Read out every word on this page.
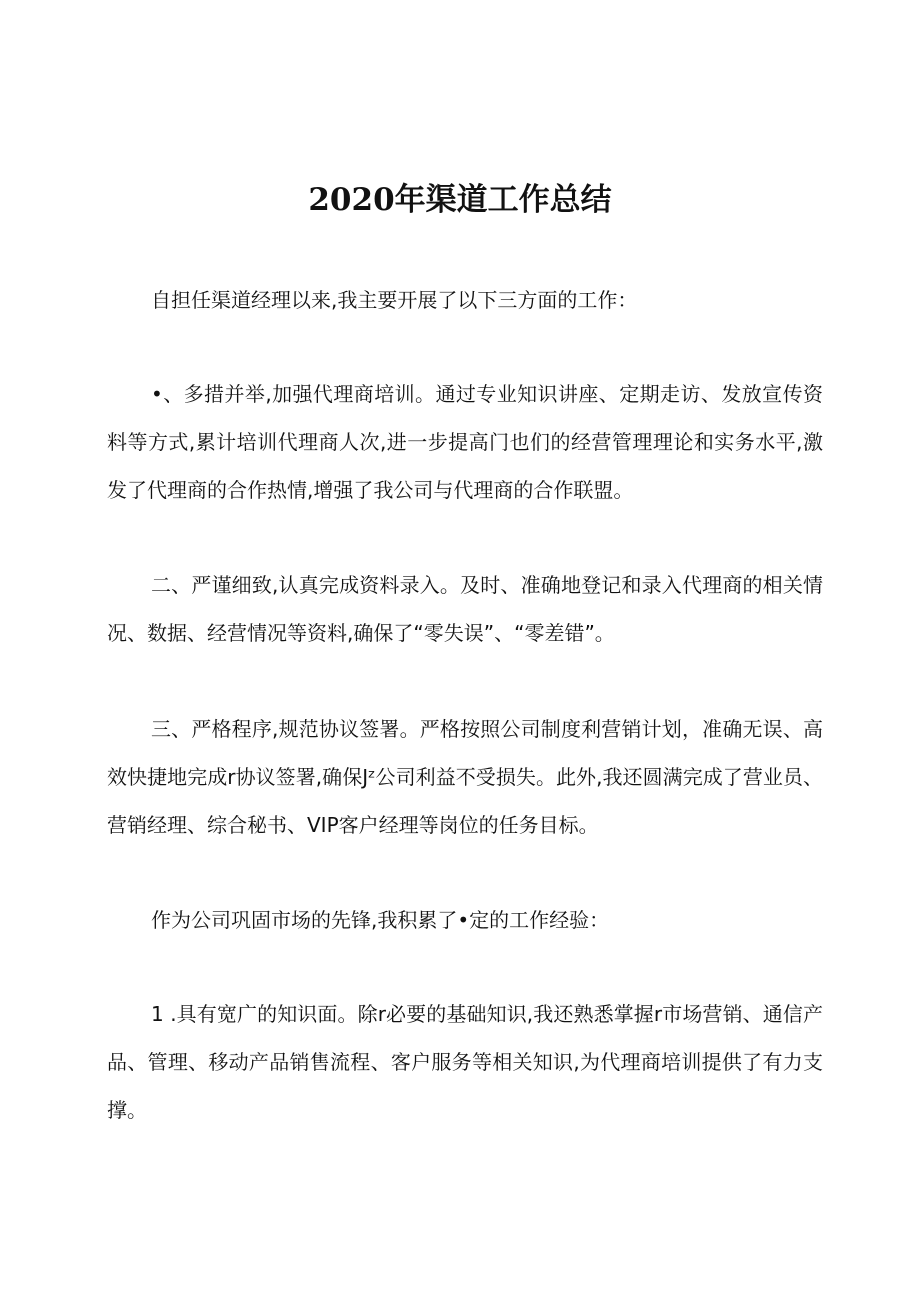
2020年渠道工作总结

自担任渠道经理以来,我主要开展了以下三方面的工作：

•、多措并举,加强代理商培训。通过专业知识讲座、定期走访、发放宣传资料等方式,累计培训代理商人次,进一步提高门也们的经营管理理论和实务水平,激发了代理商的合作热情,增强了我公司与代理商的合作联盟。

二、严谨细致,认真完成资料录入。及时、准确地登记和录入代理商的相关情况、数据、经营情况等资料,确保了“零失误”、“零差错”。

三、严格程序,规范协议签署。严格按照公司制度利营销计划，准确无误、高效快捷地完成r协议签署,确保Jᶻ公司利益不受损失。此外,我还圆满完成了营业员、营销经理、综合秘书、VIP客户经理等岗位的任务目标。

作为公司巩固市场的先锋,我积累了•定的工作经验：

1 .具有宽广的知识面。除r必要的基础知识,我还熟悉掌握r市场营销、通信产品、管理、移动产品销售流程、客户服务等相关知识,为代理商培训提供了有力支撑。
